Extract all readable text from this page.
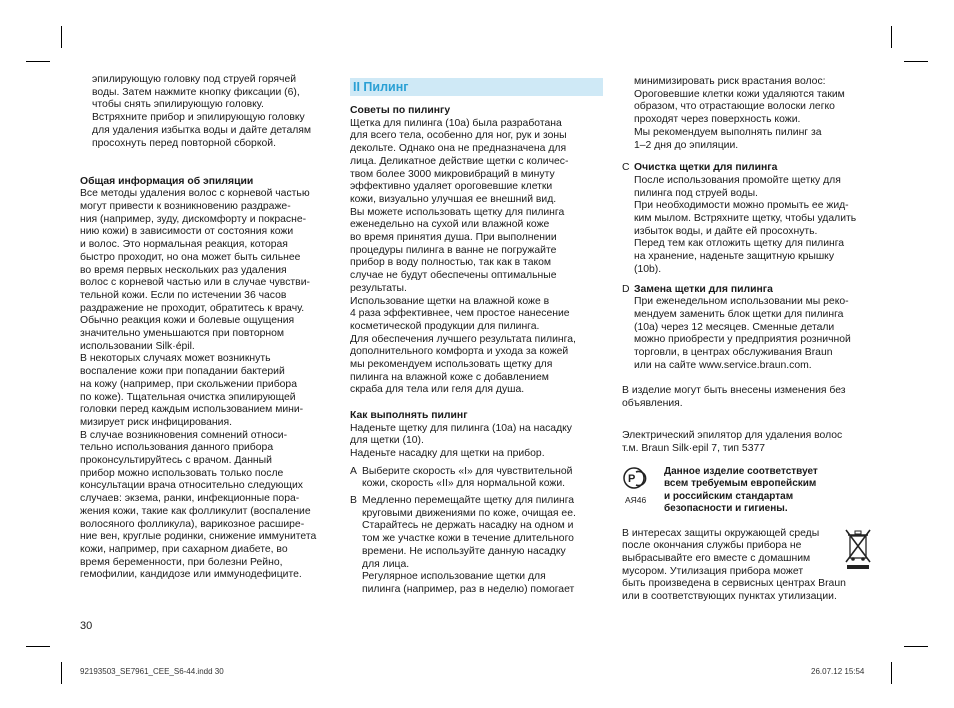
эпилирующую головку под струей горячей
воды. Затем нажмите кнопку фиксации (6),
чтобы снять эпилирующую головку.
Встряхните прибор и эпилирующую головку
для удаления избытка воды и дайте деталям
просохнуть перед повторной сборкой.

Общая информация об эпиляции

Все методы удаления волос с корневой частью
могут привести к возникновению раздраже-
ния (например, зуду, дискомфорту и покрасне-
нию кожи) в зависимости от состояния кожи
и волос. Это нормальная реакция, которая
быстро проходит, но она может быть сильнее
во время первых нескольких раз удаления
волос с корневой частью или в случае чувстви-
тельной кожи. Если по истечении 36 часов
раздражение не проходит, обратитесь к врачу.
Обычно реакция кожи и болевые ощущения
значительно уменьшаются при повторном
использовании Silk·épil.
В некоторых случаях может возникнуть
воспаление кожи при попадании бактерий
на кожу (например, при скольжении прибора
по коже). Тщательная очистка эпилирующей
головки перед каждым использованием мини-
мизирует риск инфицирования.
В случае возникновения сомнений относи-
тельно использования данного прибора
проконсультируйтесь с врачом. Данный
прибор можно использовать только после
консультации врача относительно следующих
случаев: экзема, ранки, инфекционные пора-
жения кожи, такие как фолликулит (воспаление
волосяного фолликула), варикозное расшире-
ние вен, круглые родинки, снижение иммунитета
кожи, например, при сахарном диабете, во
время беременности, при болезни Рейно,
гемофилии, кандидозе или иммунодефиците.
II Пилинг

Советы по пилингу

Щетка для пилинга (10a) была разработана
для всего тела, особенно для ног, рук и зоны
декольте. Однако она не предназначена для
лица. Деликатное действие щетки с количес-
твом более 3000 микровибраций в минуту
эффективно удаляет ороговевшие клетки
кожи, визуально улучшая ее внешний вид.
Вы можете использовать щетку для пилинга
еженедельно на сухой или влажной коже
во время принятия душа. При выполнении
процедуры пилинга в ванне не погружайте
прибор в воду полностью, так как в таком
случае не будут обеспечены оптимальные
результаты.
Использование щетки на влажной коже в
4 раза эффективнее, чем простое нанесение
косметической продукции для пилинга.
Для обеспечения лучшего результата пилинга,
дополнительного комфорта и ухода за кожей
мы рекомендуем использовать щетку для
пилинга на влажной коже с добавлением
скраба для тела или геля для душа.

Как выполнять пилинг

Наденьте щетку для пилинга (10a) на насадку
для щетки (10).
Наденьте насадку для щетки на прибор.
A Выберите скорость «I» для чувствительной
кожи, скорость «II» для нормальной кожи.
B Медленно перемещайте щетку для пилинга
круговыми движениями по коже, очищая ее.
Старайтесь не держать насадку на одном и
том же участке кожи в течение длительного
времени. Не используйте данную насадку
для лица.
Регулярное использование щетки для
пилинга (например, раз в неделю) помогает
минимизировать риск врастания волос:
Ороговевшие клетки кожи удаляются таким
образом, что отрастающие волоски легко
проходят через поверхность кожи.
Мы рекомендуем выполнять пилинг за
1–2 дня до эпиляции.
C Очистка щетки для пилинга

После использования промойте щетку для
пилинга под струей воды.
При необходимости можно промыть ее жид-
ким мылом. Встряхните щетку, чтобы удалить
избыток воды, и дайте ей просохнуть.
Перед тем как отложить щетку для пилинга
на хранение, наденьте защитную крышку
(10b).
D Замена щетки для пилинга

При еженедельном использовании мы реко-
мендуем заменить блок щетки для пилинга
(10a) через 12 месяцев. Сменные детали
можно приобрести у предприятия розничной
торговли, в центрах обслуживания Braun
или на сайте www.service.braun.com.
В изделие могут быть внесены изменения без
объявления.
Электрический эпилятор для удаления волос
т.м. Braun Silk·epil 7, тип 5377
Р
АЯ46
Данное изделие соответствует
всем требуемым европейским
и российским стандартам
безопасности и гигиены.
В интересах защиты окружающей среды
после окончания службы прибора не
выбрасывайте его вместе с домашним
мусором. Утилизация прибора может
быть произведена в сервисных центрах Braun
или в соответствующих пунктах утилизации.
30
92193503_SE7961_CEE_S6-44.indd 30	26.07.12 15:54
